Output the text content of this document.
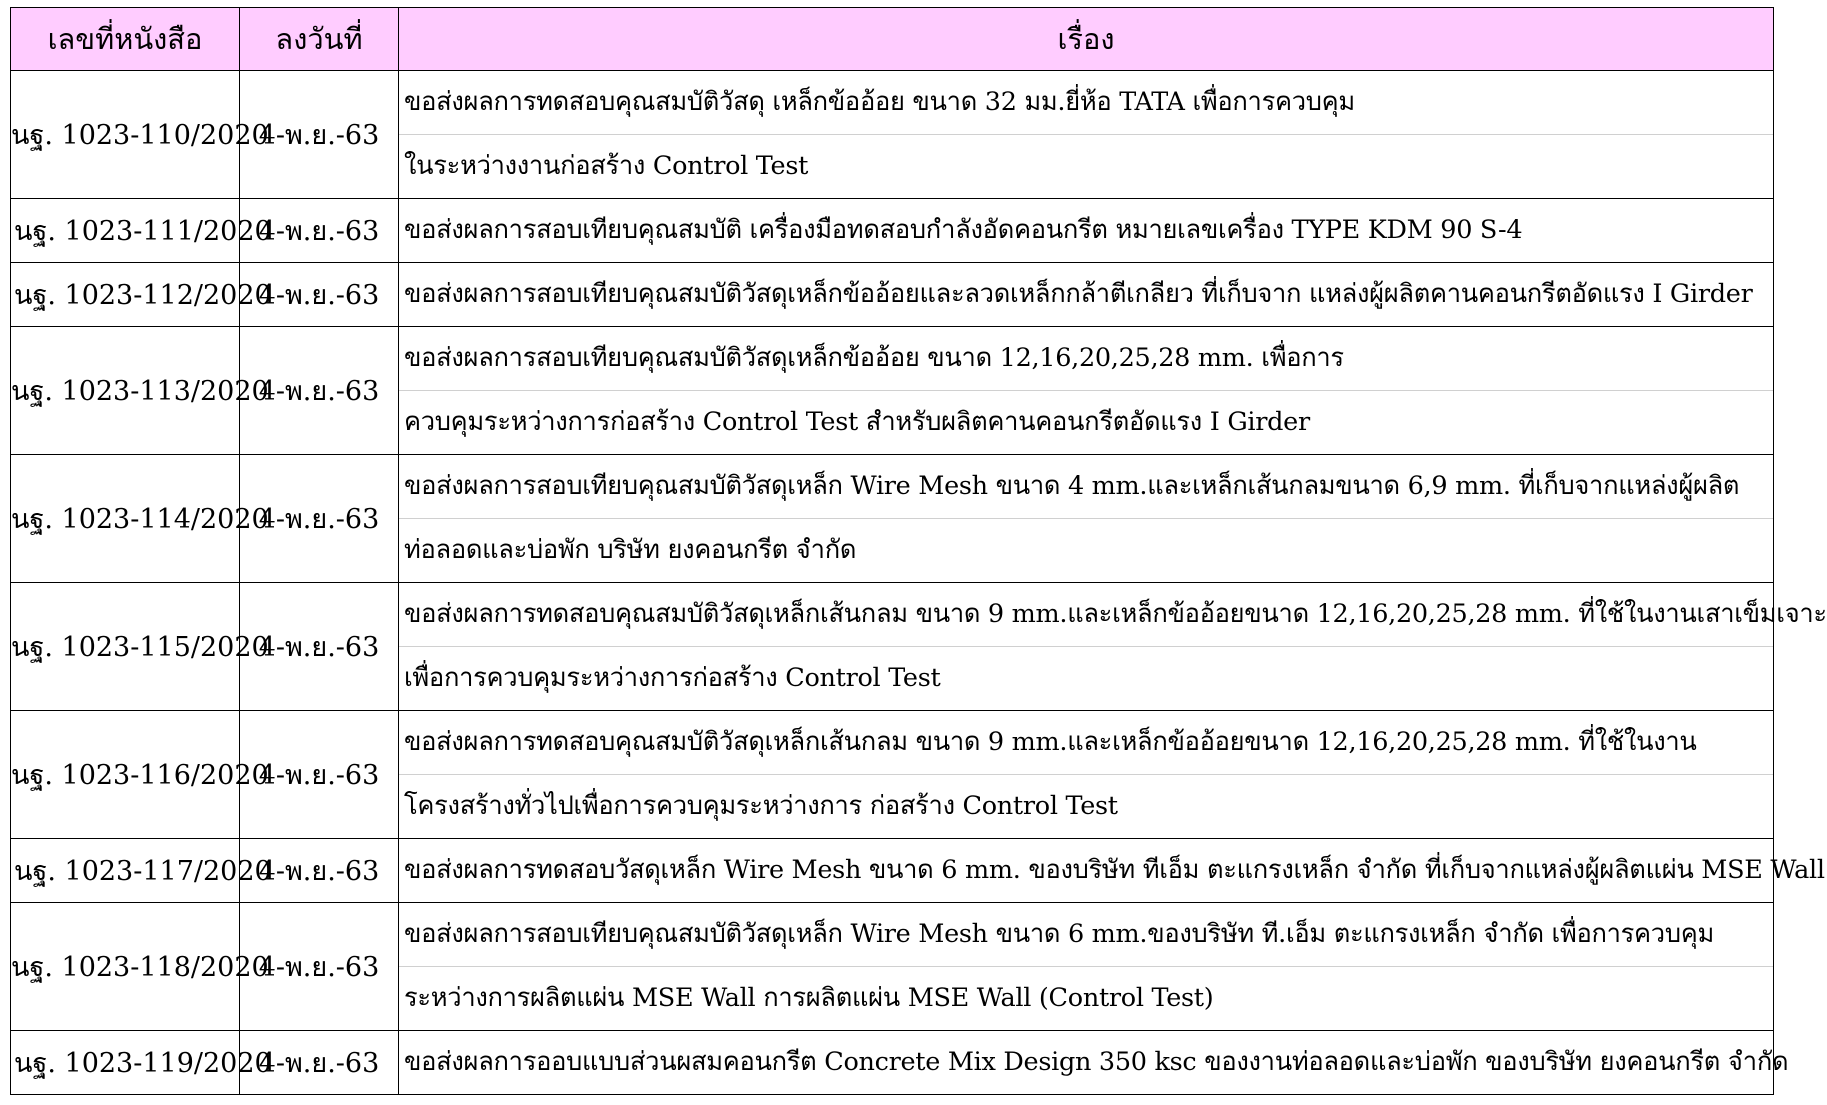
เลขที่หนังสือ	ลงวันที่	เรื่อง
นฐ. 1023-110/2020	4-พ.ย.-63	ขอส่งผลการทดสอบคุณสมบัติวัสดุ เหล็กข้ออ้อย ขนาด 32 มม.ยี่ห้อ TATA เพื่อการควบคุม
ในระหว่างงานก่อสร้าง Control Test

นฐ. 1023-111/2020	4-พ.ย.-63	ขอส่งผลการสอบเทียบคุณสมบัติ เครื่องมือทดสอบกำลังอัดคอนกรีต หมายเลขเครื่อง TYPE KDM 90 S-4

นฐ. 1023-112/2020	4-พ.ย.-63	ขอส่งผลการสอบเทียบคุณสมบัติวัสดุเหล็กข้ออ้อยและลวดเหล็กกล้าตีเกลียว ที่เก็บจาก แหล่งผู้ผลิตคานคอนกรีตอัดแรง I Girder

นฐ. 1023-113/2020	4-พ.ย.-63	ขอส่งผลการสอบเทียบคุณสมบัติวัสดุเหล็กข้ออ้อย ขนาด 12,16,20,25,28 mm. เพื่อการ
ควบคุมระหว่างการก่อสร้าง Control Test สำหรับผลิตคานคอนกรีตอัดแรง I Girder

นฐ. 1023-114/2020	4-พ.ย.-63	ขอส่งผลการสอบเทียบคุณสมบัติวัสดุเหล็ก Wire Mesh ขนาด 4 mm.และเหล็กเส้นกลมขนาด 6,9 mm. ที่เก็บจากแหล่งผู้ผลิต
ท่อลอดและบ่อพัก บริษัท ยงคอนกรีต จำกัด

นฐ. 1023-115/2020	4-พ.ย.-63	ขอส่งผลการทดสอบคุณสมบัติวัสดุเหล็กเส้นกลม ขนาด 9 mm.และเหล็กข้ออ้อยขนาด 12,16,20,25,28 mm. ที่ใช้ในงานเสาเข็มเจาะ
เพื่อการควบคุมระหว่างการก่อสร้าง Control Test

นฐ. 1023-116/2020	4-พ.ย.-63	ขอส่งผลการทดสอบคุณสมบัติวัสดุเหล็กเส้นกลม ขนาด 9 mm.และเหล็กข้ออ้อยขนาด 12,16,20,25,28 mm. ที่ใช้ในงาน
โครงสร้างทั่วไปเพื่อการควบคุมระหว่างการ ก่อสร้าง Control Test

นฐ. 1023-117/2020	4-พ.ย.-63	ขอส่งผลการทดสอบวัสดุเหล็ก Wire Mesh ขนาด 6 mm. ของบริษัท ทีเอ็ม ตะแกรงเหล็ก จำกัด ที่เก็บจากแหล่งผู้ผลิตแผ่น MSE Wall

นฐ. 1023-118/2020	4-พ.ย.-63	ขอส่งผลการสอบเทียบคุณสมบัติวัสดุเหล็ก Wire Mesh ขนาด 6 mm.ของบริษัท ที.เอ็ม ตะแกรงเหล็ก จำกัด เพื่อการควบคุม
ระหว่างการผลิตแผ่น MSE Wall การผลิตแผ่น MSE Wall (Control Test)

นฐ. 1023-119/2020	4-พ.ย.-63	ขอส่งผลการออบแบบส่วนผสมคอนกรีต Concrete Mix Design 350 ksc ของงานท่อลอดและบ่อพัก ของบริษัท ยงคอนกรีต จำกัด
